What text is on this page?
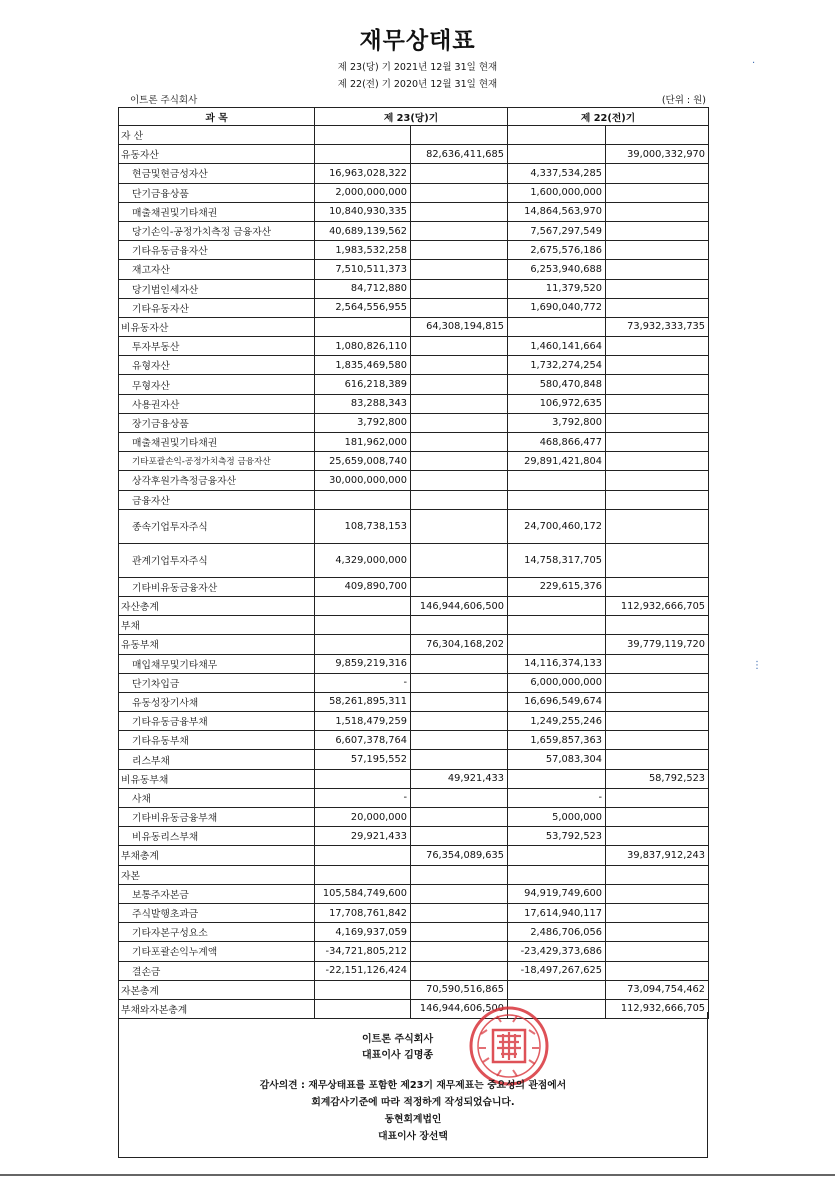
재무상태표
제 23(당) 기 2021년 12월 31일 현재
제 22(전) 기 2020년 12월 31일 현재
이트론 주식회사	(단위 : 원)
과 목	제 23(당)기		제 22(전)기	
자 산				
유동자산		82,636,411,685		39,000,332,970
현금및현금성자산	16,963,028,322		4,337,534,285	
단기금융상품	2,000,000,000		1,600,000,000	
매출채권및기타채권	10,840,930,335		14,864,563,970	
당기손익-공정가치측정 금융자산	40,689,139,562		7,567,297,549	
기타유동금융자산	1,983,532,258		2,675,576,186	
재고자산	7,510,511,373		6,253,940,688	
당기법인세자산	84,712,880		11,379,520	
기타유동자산	2,564,556,955		1,690,040,772	
비유동자산		64,308,194,815		73,932,333,735
투자부동산	1,080,826,110		1,460,141,664	
유형자산	1,835,469,580		1,732,274,254	
무형자산	616,218,389		580,470,848	
사용권자산	83,288,343		106,972,635	
장기금융상품	3,792,800		3,792,800	
매출채권및기타채권	181,962,000		468,866,477	
기타포괄손익-공정가치측정 금융자산	25,659,008,740		29,891,421,804	
상각후원가측정금융자산	30,000,000,000			
금융자산				
종속기업투자주식	108,738,153		24,700,460,172	
관계기업투자주식	4,329,000,000		14,758,317,705	
기타비유동금융자산	409,890,700		229,615,376	
자산총계		146,944,606,500		112,932,666,705
부채				
유동부채		76,304,168,202		39,779,119,720
매입채무및기타채무	9,859,219,316		14,116,374,133	
단기차입금	-		6,000,000,000	
유동성장기사채	58,261,895,311		16,696,549,674	
기타유동금융부채	1,518,479,259		1,249,255,246	
기타유동부채	6,607,378,764		1,659,857,363	
리스부채	57,195,552		57,083,304	
비유동부채		49,921,433		58,792,523
사채	-		-	
기타비유동금융부채	20,000,000		5,000,000	
비유동리스부채	29,921,433		53,792,523	
부채총계		76,354,089,635		39,837,912,243
자본				
보통주자본금	105,584,749,600		94,919,749,600	
주식발행초과금	17,708,761,842		17,614,940,117	
기타자본구성요소	4,169,937,059		2,486,706,056	
기타포괄손익누계액	-34,721,805,212		-23,429,373,686	
결손금	-22,151,126,424		-18,497,267,625	
자본총계		70,590,516,865		73,094,754,462
부채와자본총계		146,944,606,500		112,932,666,705
이트론 주식회사
대표이사 김명종
감사의견 : 재무상태표를 포함한 제23기 재무제표는 중요성의 관점에서
회계감사기준에 따라 적정하게 작성되었습니다.
동현회계법인
대표이사 장선택
·
⋮
